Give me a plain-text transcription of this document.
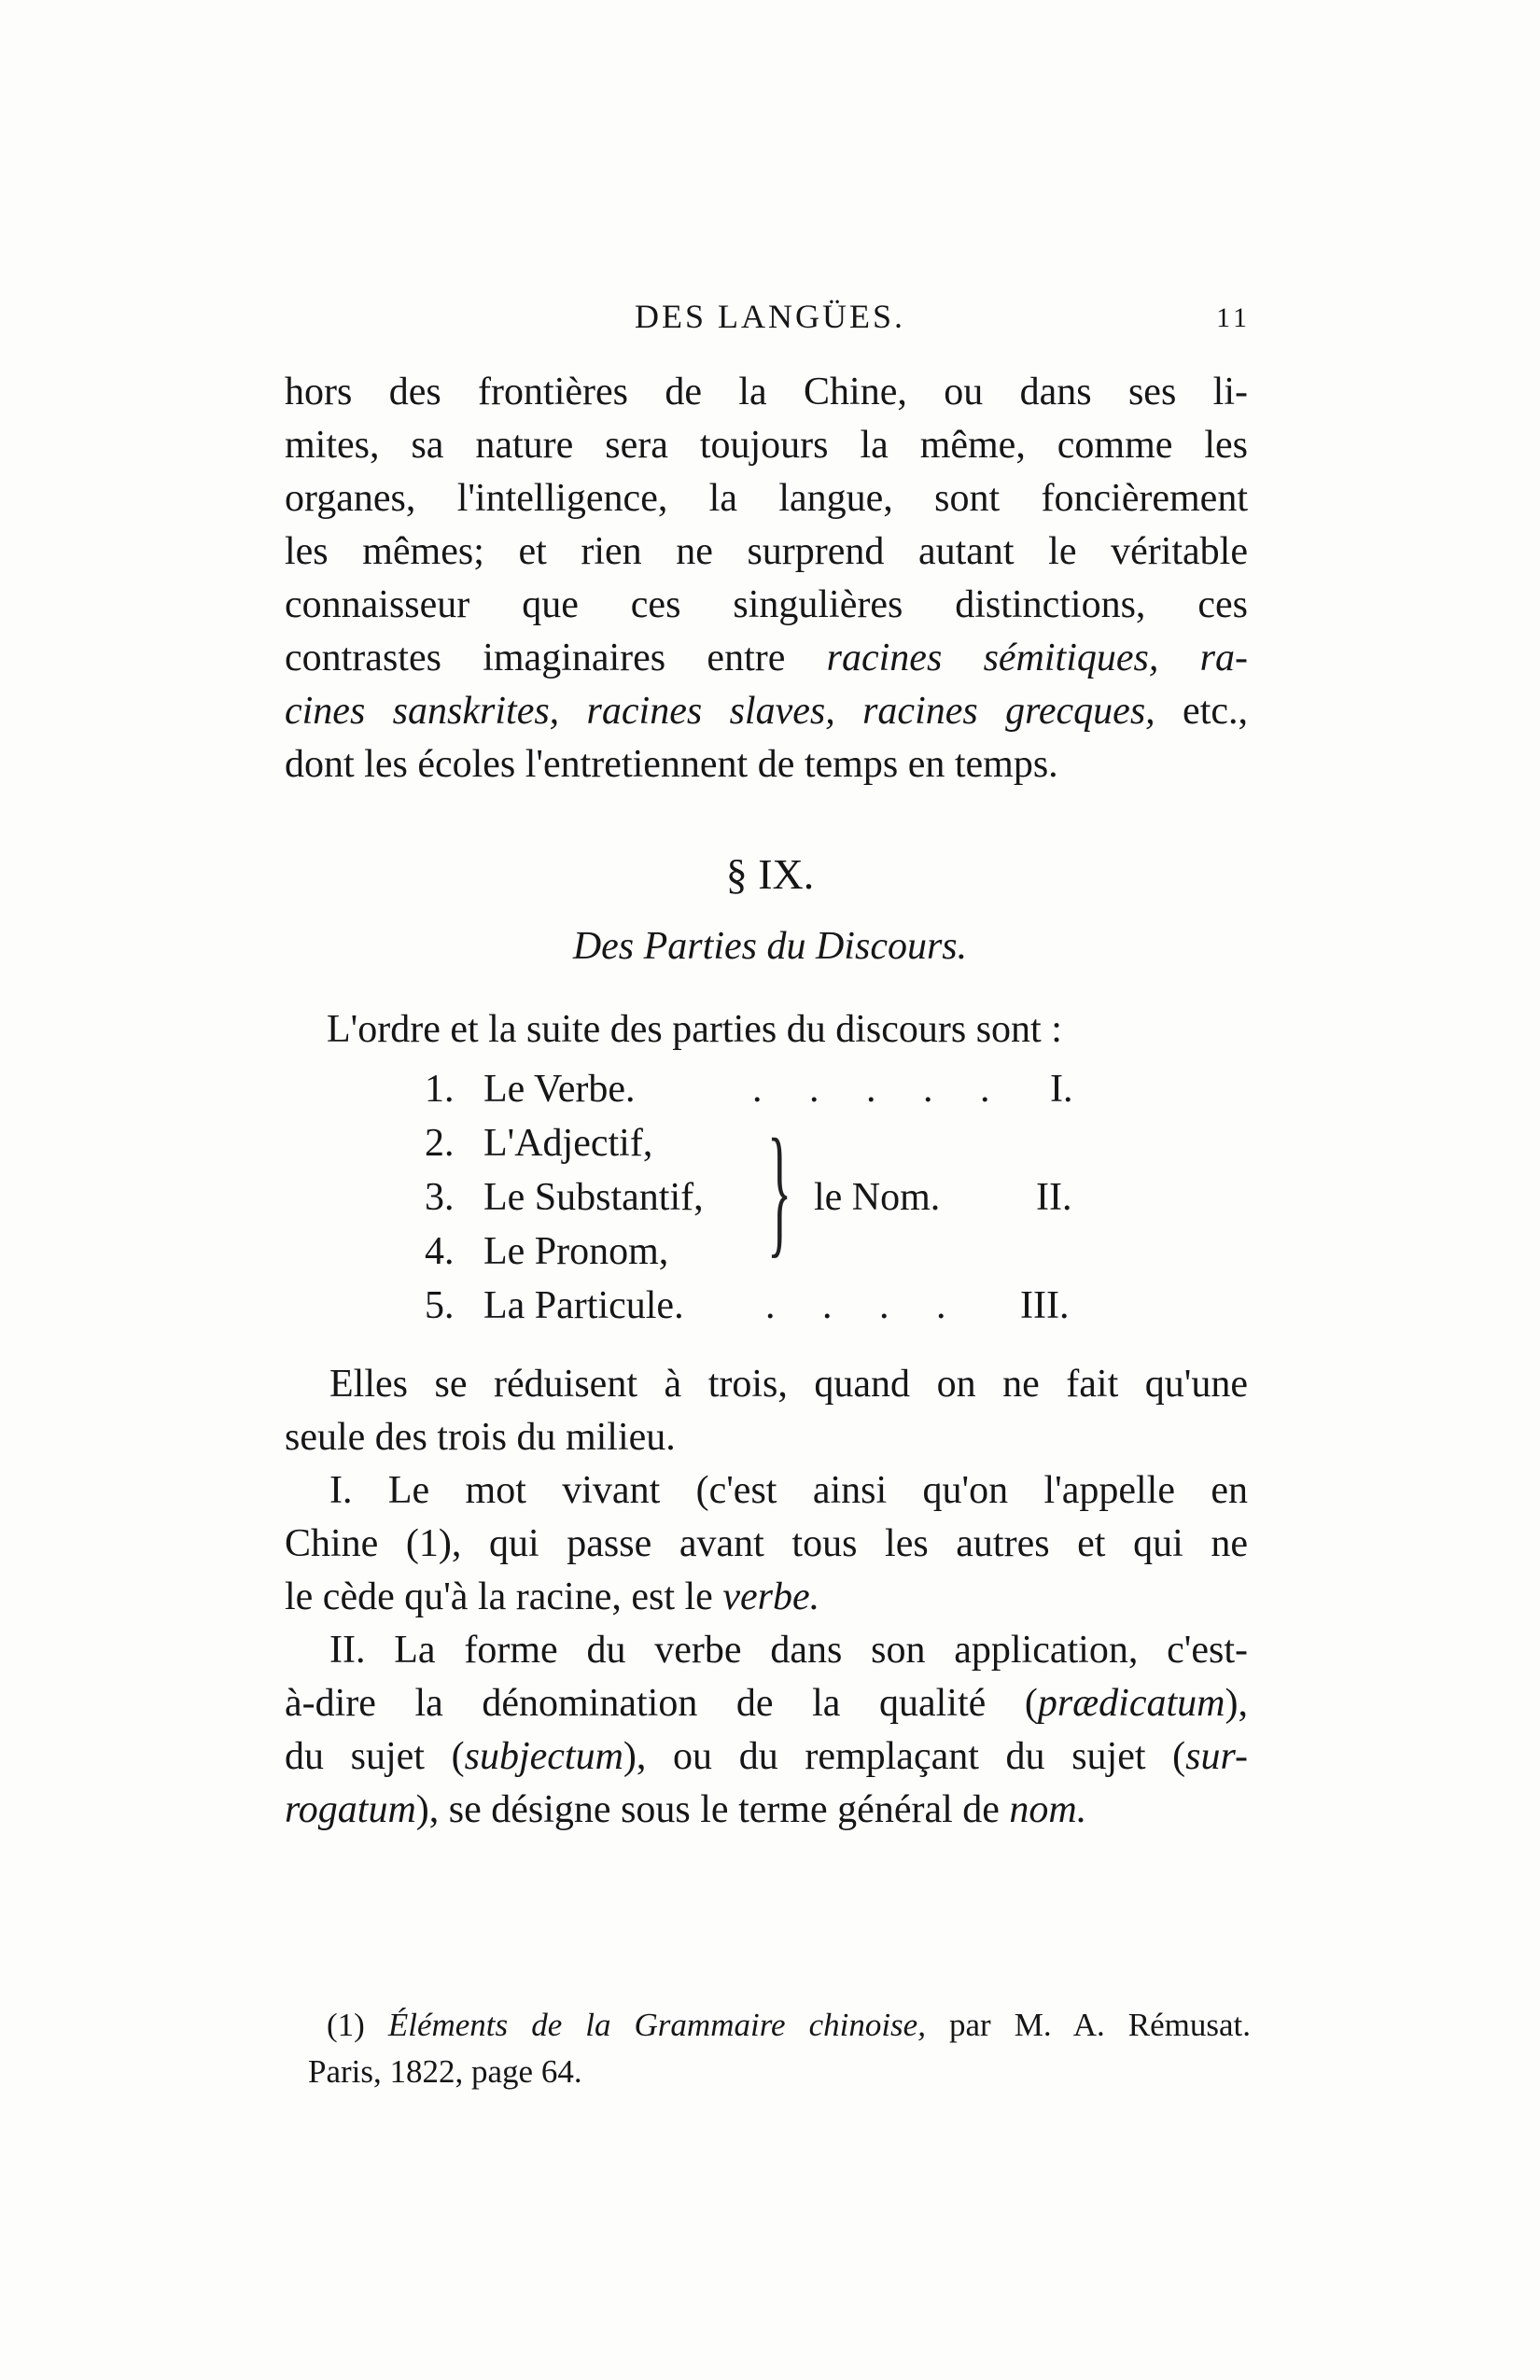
DES LANGÜES.	11
hors des frontières de la Chine, ou dans ses li-
mites, sa nature sera toujours la même, comme les
organes, l'intelligence, la langue, sont foncièrement
les mêmes; et rien ne surprend autant le véritable
connaisseur que ces singulières distinctions, ces
contrastes imaginaires entre racines sémitiques, ra-
cines sanskrites, racines slaves, racines grecques, etc.,
dont les écoles l'entretiennent de temps en temps.
§ IX.
Des Parties du Discours.
L'ordre et la suite des parties du discours sont :
1. Le Verbe.	. . . . . I.
2. L'Adjectif,
3. Le Substantif,	le Nom. II.
4. Le Pronom,
5. La Particule. . . . . III.
}
Elles se réduisent à trois, quand on ne fait qu'une
seule des trois du milieu.
I. Le mot vivant (c'est ainsi qu'on l'appelle en
Chine (1), qui passe avant tous les autres et qui ne
le cède qu'à la racine, est le verbe.
II. La forme du verbe dans son application, c'est-
à-dire la dénomination de la qualité (prædicatum),
du sujet (subjectum), ou du remplaçant du sujet (sur-
rogatum), se désigne sous le terme général de nom.
(1) Éléments de la Grammaire chinoise, par M. A. Rémusat.
Paris, 1822, page 64.
